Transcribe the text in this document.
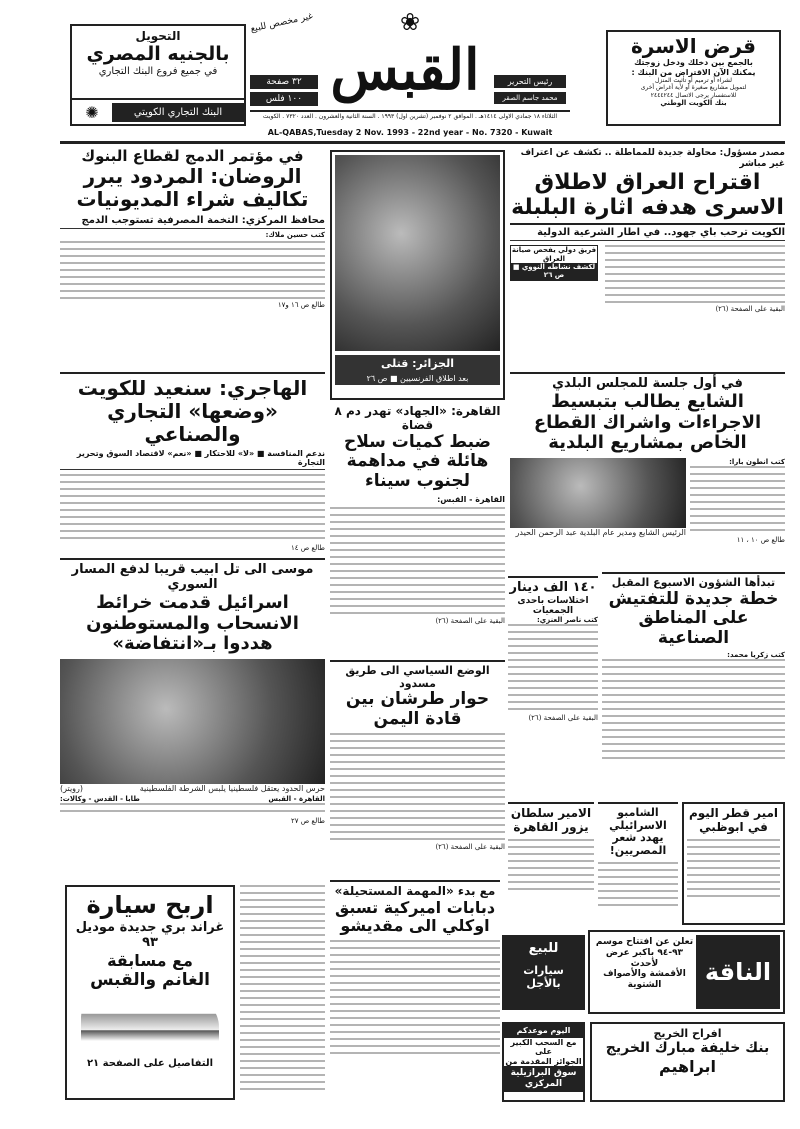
التحويل
بالجنيه المصري
في جميع فروع البنك التجاري
البنك التجاري الكويتي
✺
❀
غير مخصص للبيع
القبس
٣٢ صفحة
١٠٠ فلس
رئيس التحرير
محمد جاسم الصقر
الثلاثاء ١٨ جمادي الاولى ١٤١٤هـ . الموافق ٢ نوفمبر (تشرين اول) ١٩٩٣ . السنة الثانية والعشرون . العدد ٧٣٢٠ . الكويت
AL-QABAS,Tuesday 2 Nov. 1993 - 22nd year - No. 7320 - Kuwait
قرض الاسرة
بالجمع بين دخلك ودخل زوجتك
يمكنك الآن الاقتراض من البنك :
لشراء أو ترميم أو تأثيث المنزل
لتمويل مشاريع صغيرة أو لأية أغراض أخرى
للاستفسار يرجى الاتصال ٢٤٤٤٢٤٤
بنك الكويت الوطني
مصدر مسؤول: محاولة جديدة للمماطلة .. تكشف عن اعتراف غير مباشر
اقتراح العراق لاطلاق الاسرى هدفه اثارة البلبلة
الكويت ترحب باي جهود.. في اطار الشرعية الدولية
فريق دولي يفحص صيانة العراق
لكشف نشاطه النووي ■ ص ٢٦
البقية على الصفحة (٢٦)
الجزائر: قتلى
بعد اطلاق الفرنسيين ■ ص ٢٦
في مؤتمر الدمج لقطاع البنوك
الروضان: المردود يبرر تكاليف شراء المديونيات
محافظ المركزي: التخمة المصرفية تستوجب الدمج
كتب حسين ملاك:
طالع ص ١٦ و١٧
الهاجري: سنعيد للكويت «وضعها» التجاري والصناعي
ندعم المنافسة ■ «لا» للاحتكار ■ «نعم» لاقتصاد السوق وتحرير التجارة
طالع ص ١٤
القاهرة: «الجهاد» تهدر دم ٨ قضاة
ضبط كميات سلاح هائلة في مداهمة لجنوب سيناء
القاهرة - القبس:
البقية على الصفحة (٢٦)
في أول جلسة للمجلس البلدي
الشايع يطالب بتبسيط الاجراءات واشراك القطاع الخاص بمشاريع البلدية
كتب انطون بارا:
طالع ص ١٠ ، ١١
الرئيس الشايع ومدير عام البلدية عبد الرحمن الحيدر
موسى الى تل ابيب قريبا لدفع المسار السوري
اسرائيل قدمت خرائط الانسحاب والمستوطنون هددوا بـ«انتفاضة»
حرس الحدود يعتقل فلسطينيا يلبس الشرطة الفلسطينية
(رويتر)
القاهرة - القبس
طابا - القدس - وكالات:
طالع ص ٢٧
الوضع السياسي الى طريق مسدود
حوار طرشان بين قادة اليمن
البقية على الصفحة (٢٦)
١٤٠ الف دينار
اختلاسات باحدى الجمعيات
كتب ناصر العنزي:
البقية على الصفحة (٢٦)
تبدأها الشؤون الاسبوع المقبل
خطة جديدة للتفتيش على المناطق الصناعية
كتب زكريا محمد:
الامير سلطان يزور القاهرة
الشامبو الاسرائيلي يهدد شعر المصريين!
امير قطر اليوم في ابوظبي
اربح سيارة
غراند بري جديدة موديل ٩٣
مع مسابقة
الغانم والقبس
التفاصيل على الصفحة ٢١
مع بدء «المهمة المستحيلة»
دبابات اميركية تسبق اوكلي الى مقديشو
للبيع
سيارات بالأجل	الناقة
تعلن عن افتتاح موسم
٩٣-٩٤ باكبر عرض لأحدث
الأقمشة والأصواف الشتوية
اليوم موعدكم
مع السحب الكبير على
الجوائز المقدمة من
سوق البرازيلية المركزي
افراح الخريج
بنك خليفة مبارك الخريج
ابراهيم
